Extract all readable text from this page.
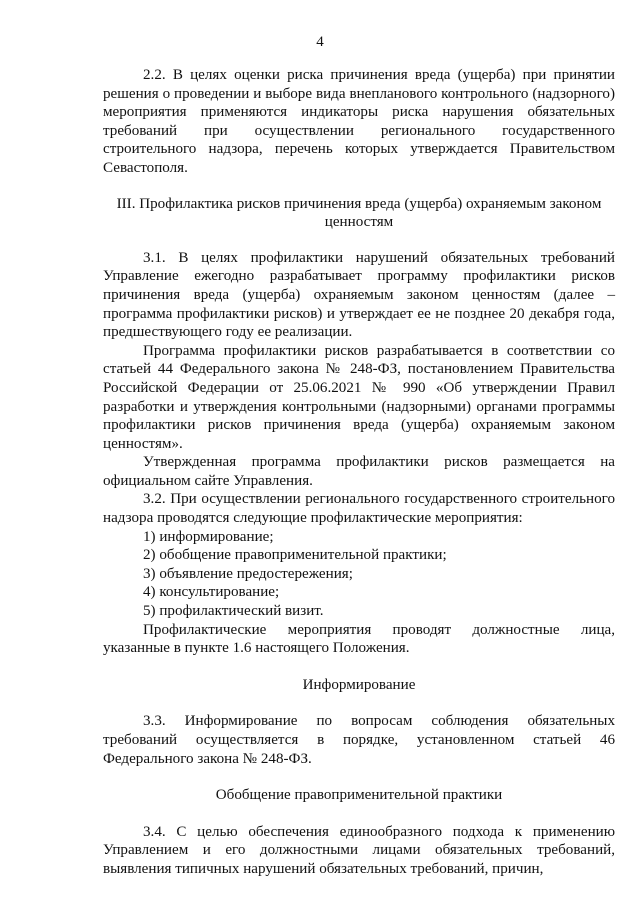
4

2.2. В целях оценки риска причинения вреда (ущерба) при принятии решения о проведении и выборе вида внепланового контрольного (надзорного) мероприятия применяются индикаторы риска нарушения обязательных требований при осуществлении регионального государственного строительного надзора, перечень которых утверждается Правительством Севастополя.

III. Профилактика рисков причинения вреда (ущерба) охраняемым законом ценностям

3.1. В целях профилактики нарушений обязательных требований Управление ежегодно разрабатывает программу профилактики рисков причинения вреда (ущерба) охраняемым законом ценностям (далее – программа профилактики рисков) и утверждает ее не позднее 20 декабря года, предшествующего году ее реализации.

Программа профилактики рисков разрабатывается в соответствии со статьей 44 Федерального закона № 248-ФЗ, постановлением Правительства Российской Федерации от 25.06.2021 № 990 «Об утверждении Правил разработки и утверждения контрольными (надзорными) органами программы профилактики рисков причинения вреда (ущерба) охраняемым законом ценностям».

Утвержденная программа профилактики рисков размещается на официальном сайте Управления.

3.2. При осуществлении регионального государственного строительного надзора проводятся следующие профилактические мероприятия:

1) информирование;

2) обобщение правоприменительной практики;

3) объявление предостережения;

4) консультирование;

5) профилактический визит.

Профилактические мероприятия проводят должностные лица, указанные в пункте 1.6 настоящего Положения.

Информирование

3.3. Информирование по вопросам соблюдения обязательных требований осуществляется в порядке, установленном статьей 46 Федерального закона № 248-ФЗ.

Обобщение правоприменительной практики

3.4. С целью обеспечения единообразного подхода к применению Управлением и его должностными лицами обязательных требований, выявления типичных нарушений обязательных требований, причин,
